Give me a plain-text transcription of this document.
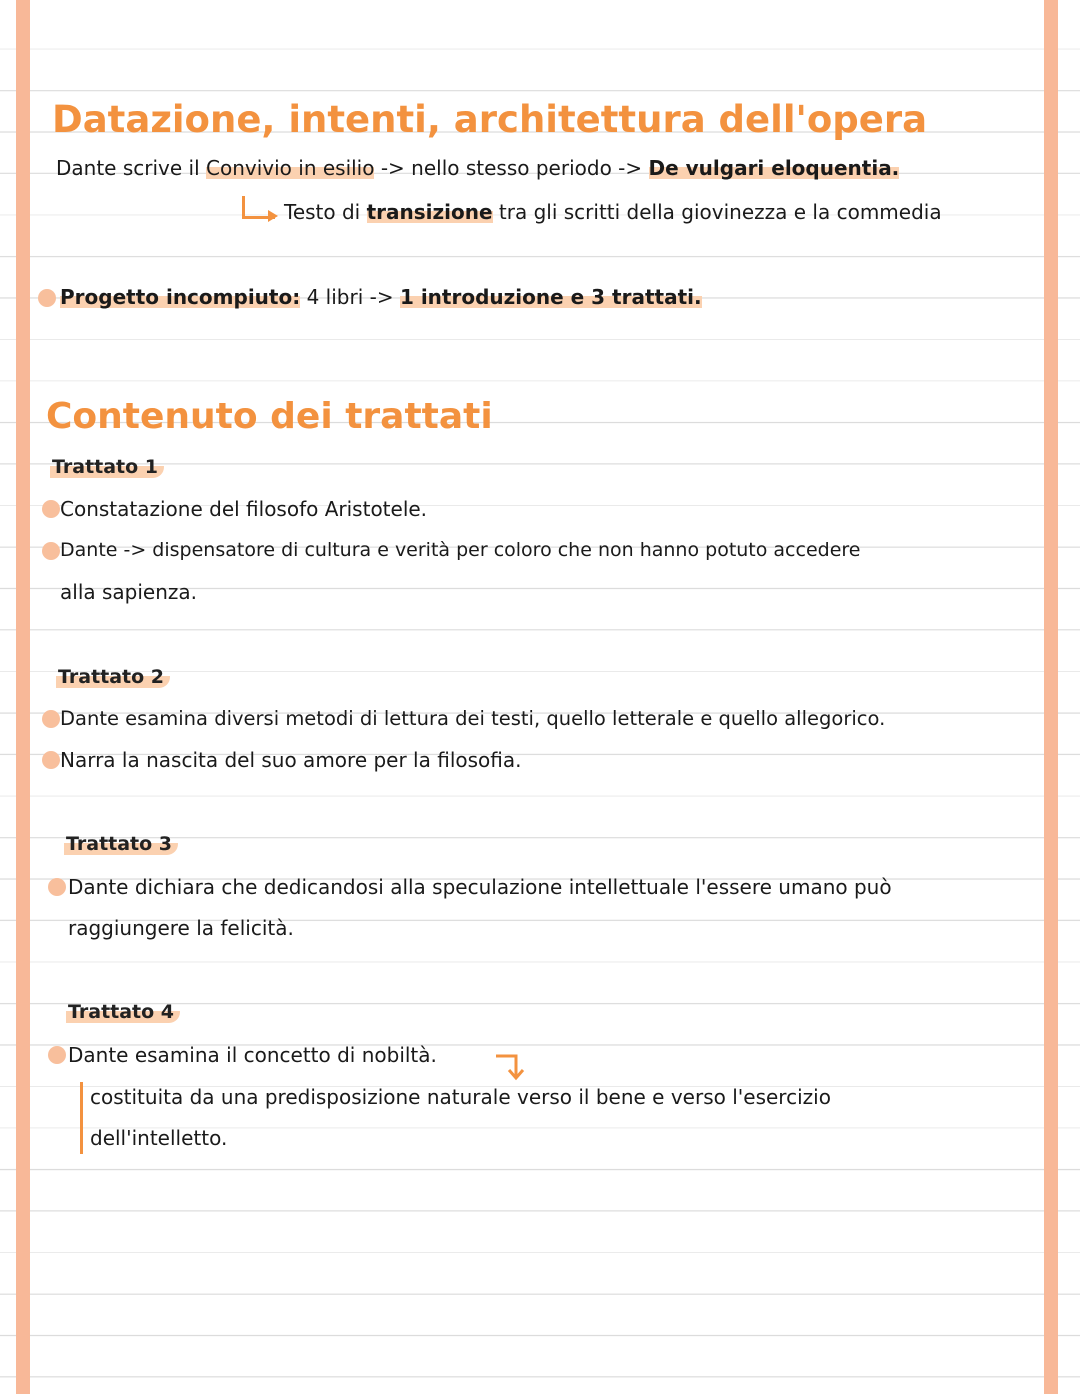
Datazione, intenti, architettura dell'opera
Dante scrive il Convivio in esilio -> nello stesso periodo -> De vulgari eloquentia.
Testo di transizione tra gli scritti della giovinezza e la commedia
Progetto incompiuto: 4 libri -> 1 introduzione e 3 trattati.
Contenuto dei trattati
Trattato 1
Constatazione del filosofo Aristotele.
Dante -> dispensatore di cultura e verità per coloro che non hanno potuto accedere
alla sapienza.
Trattato 2
Dante esamina diversi metodi di lettura dei testi, quello letterale e quello allegorico.
Narra la nascita del suo amore per la filosofia.
Trattato 3
Dante dichiara che dedicandosi alla speculazione intellettuale l'essere umano può
raggiungere la felicità.
Trattato 4
Dante esamina il concetto di nobiltà.
costituita da una predisposizione naturale verso il bene e verso l'esercizio
dell'intelletto.
